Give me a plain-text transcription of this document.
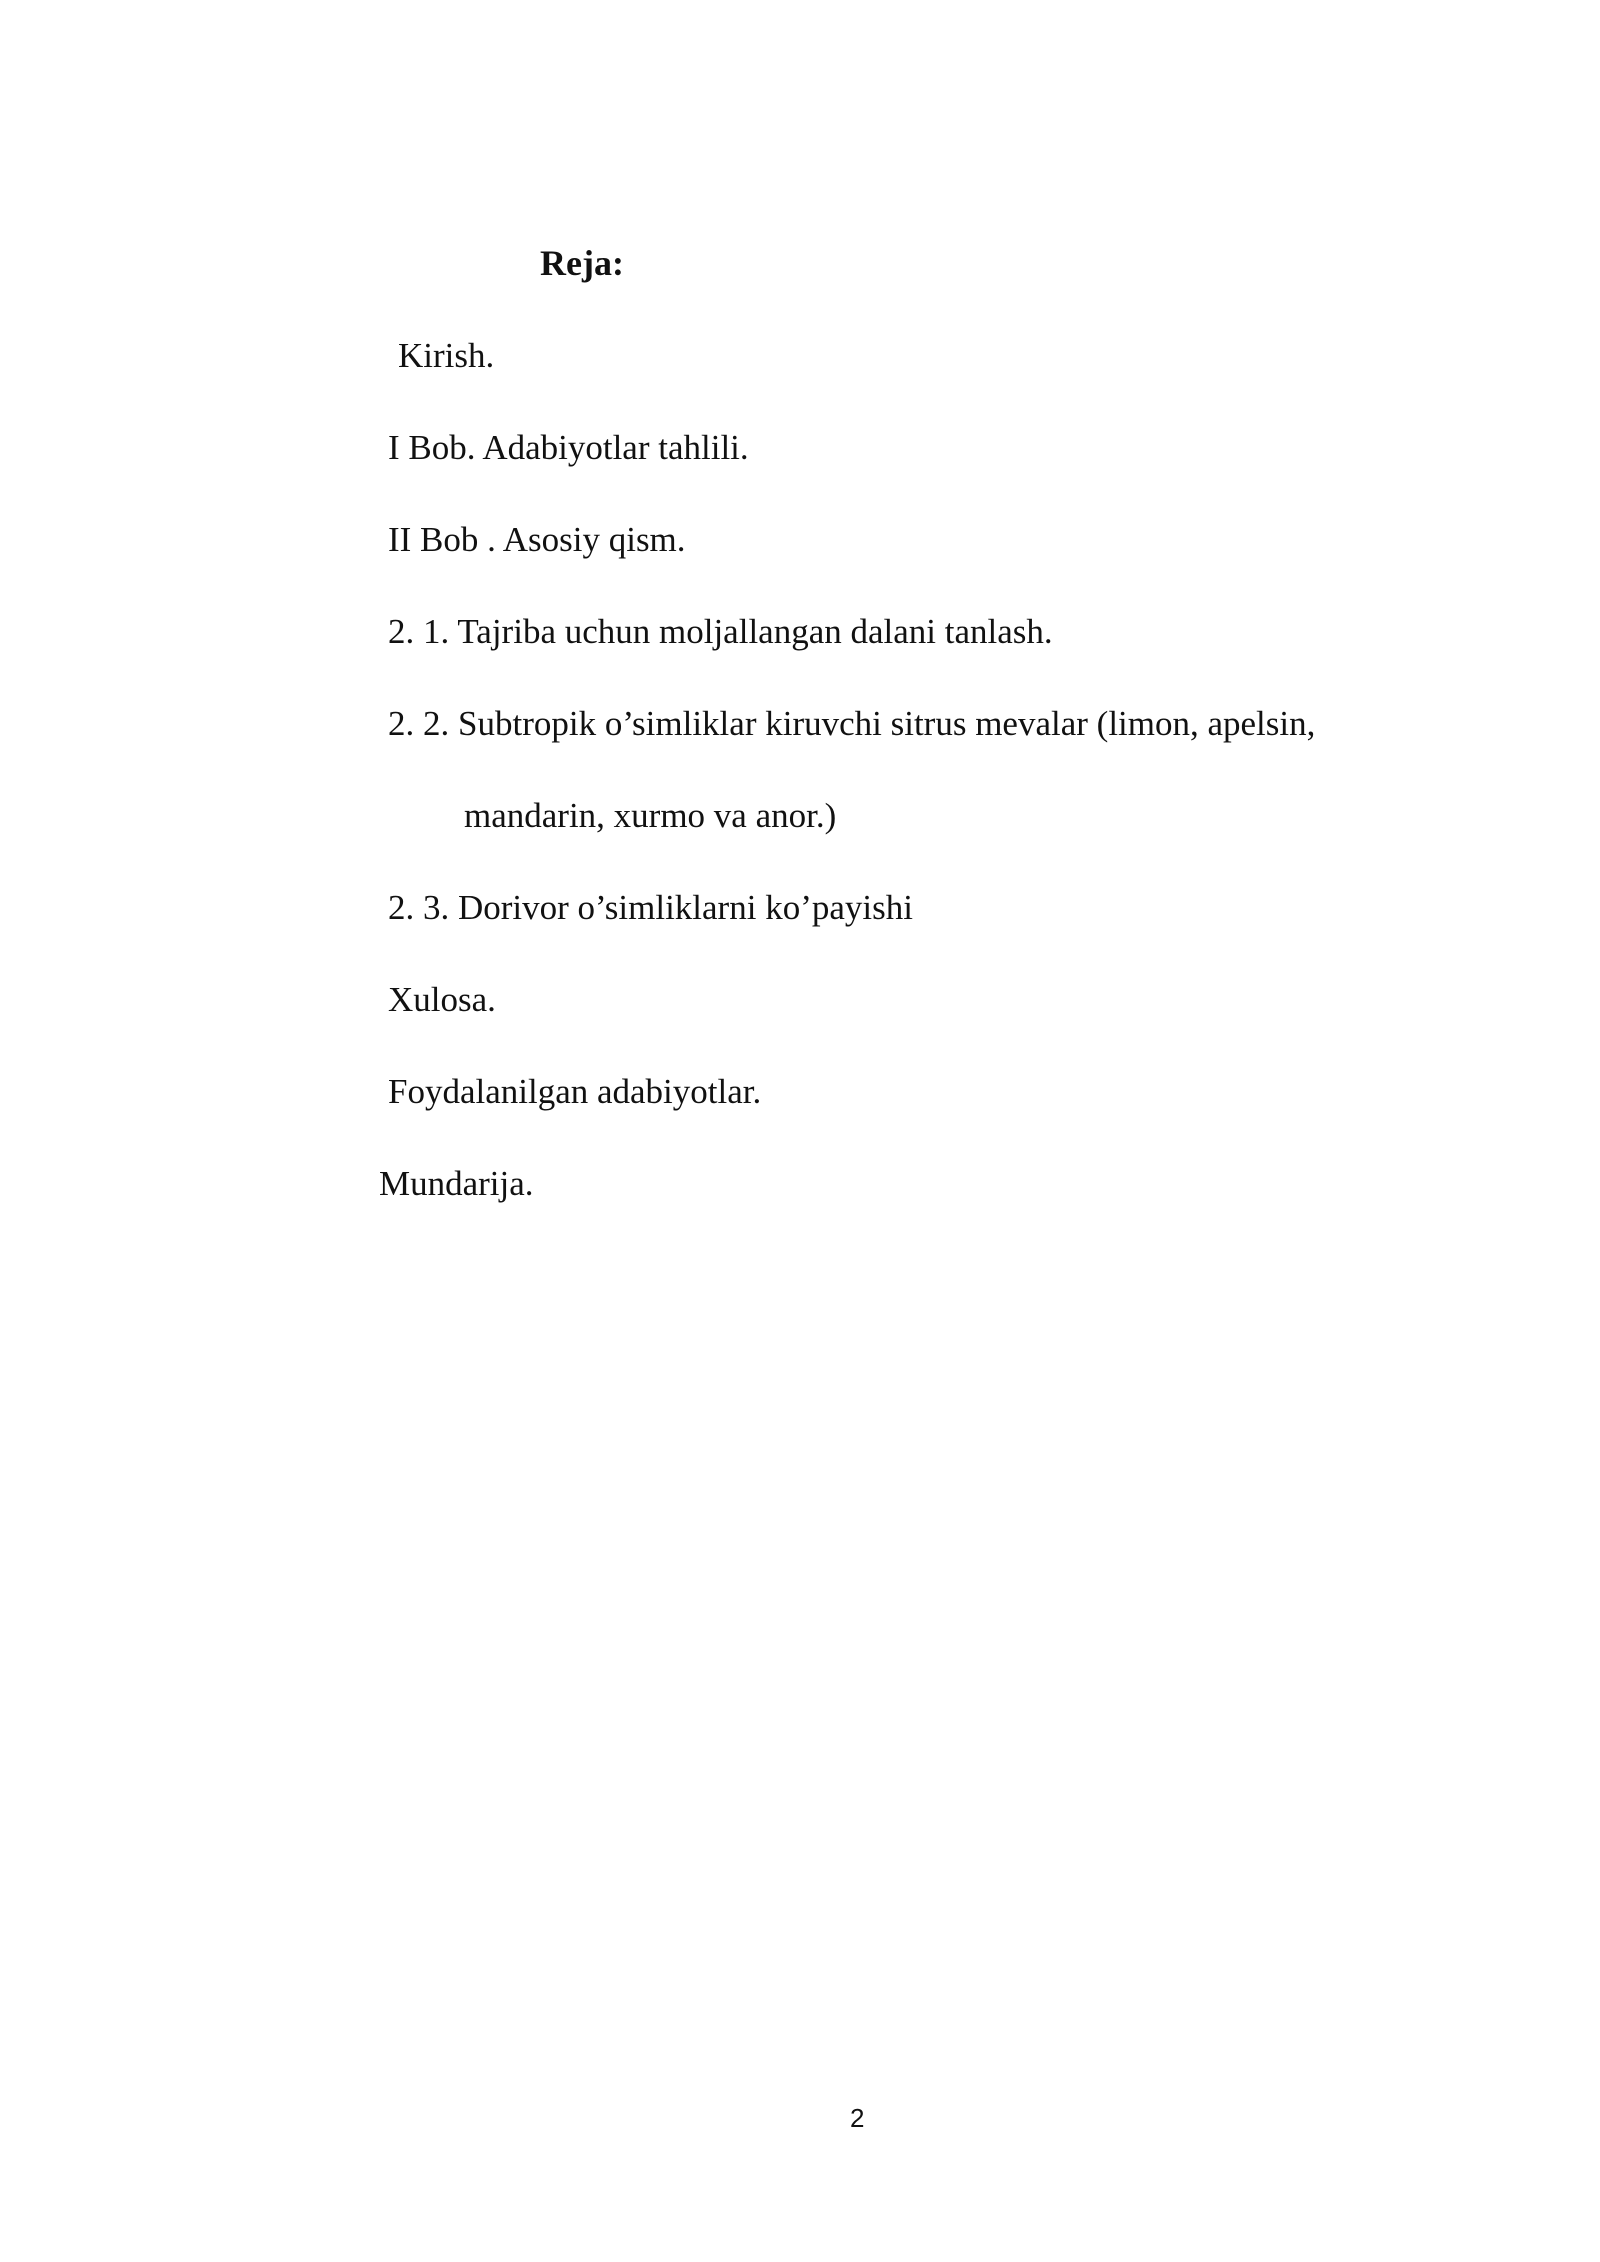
Reja:
Kirish.
I Bob. Adabiyotlar tahlili.
II Bob . Asosiy qism.
2. 1. Tajriba uchun moljallangan dalani tanlash.
2. 2. Subtropik o’simliklar kiruvchi sitrus mevalar (limon, apelsin,
mandarin, xurmo va anor.)
2. 3. Dorivor o’simliklarni ko’payishi
Xulosa.
Foydalanilgan adabiyotlar.
Mundarija.
2
